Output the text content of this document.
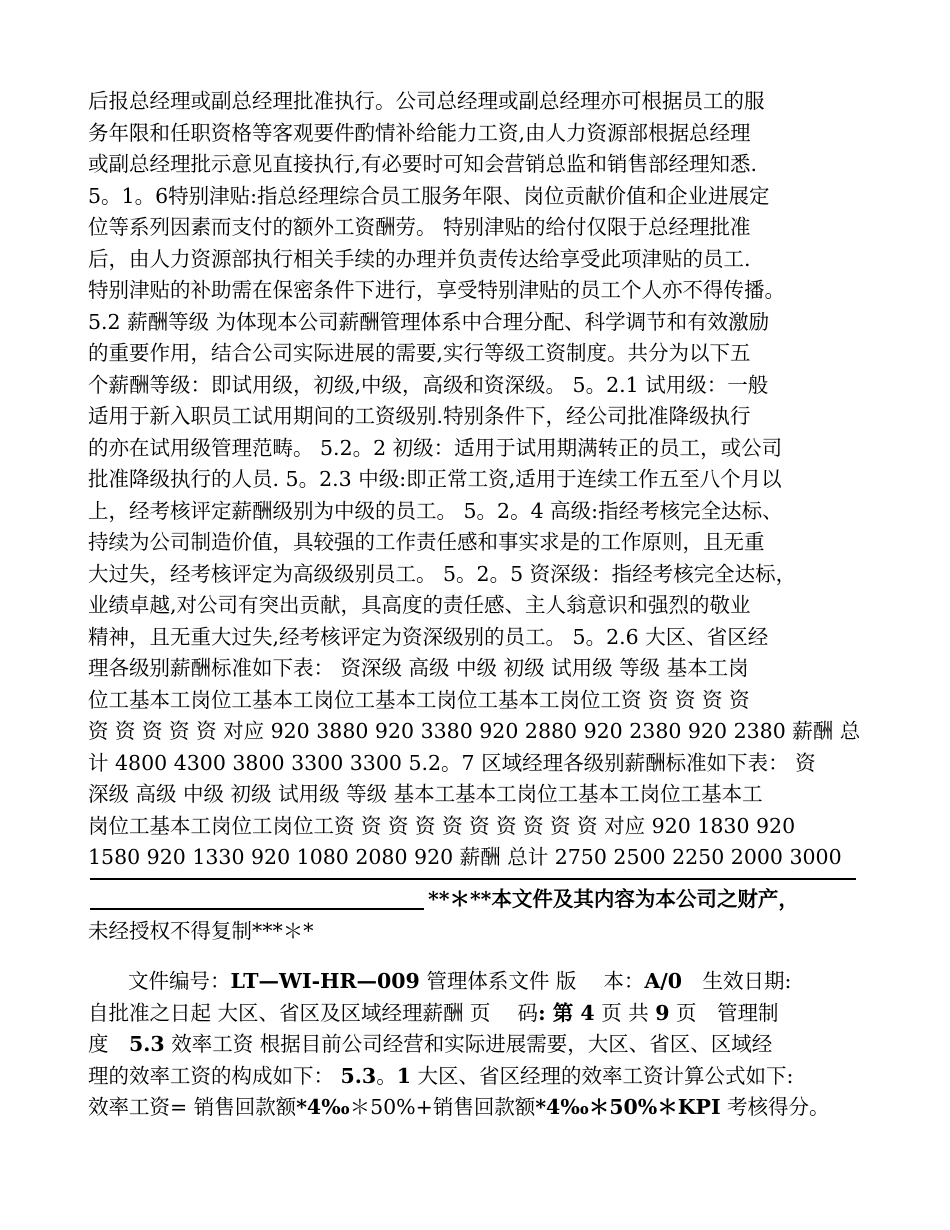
后报总经理或副总经理批准执行。公司总经理或副总经理亦可根据员工的服
务年限和任职资格等客观要件酌情补给能力工资,由人力资源部根据总经理
或副总经理批示意见直接执行,有必要时可知会营销总监和销售部经理知悉.
5。1。6特别津贴:指总经理综合员工服务年限、岗位贡献价值和企业进展定
位等系列因素而支付的额外工资酬劳。 特别津贴的给付仅限于总经理批准
后，由人力资源部执行相关手续的办理并负责传达给享受此项津贴的员工.
特别津贴的补助需在保密条件下进行，享受特别津贴的员工个人亦不得传播。
5.2 薪酬等级 为体现本公司薪酬管理体系中合理分配、科学调节和有效激励
的重要作用，结合公司实际进展的需要,实行等级工资制度。共分为以下五
个薪酬等级：即试用级，初级,中级，高级和资深级。 5。2.1 试用级：一般
适用于新入职员工试用期间的工资级别.特别条件下，经公司批准降级执行
的亦在试用级管理范畴。 5.2。2 初级：适用于试用期满转正的员工，或公司
批准降级执行的人员. 5。2.3 中级:即正常工资,适用于连续工作五至八个月以
上，经考核评定薪酬级别为中级的员工。 5。2。4 高级:指经考核完全达标、
持续为公司制造价值，具较强的工作责任感和事实求是的工作原则，且无重
大过失，经考核评定为高级级别员工。 5。2。5 资深级：指经考核完全达标，
业绩卓越,对公司有突出贡献，具高度的责任感、主人翁意识和强烈的敬业
精神，且无重大过失,经考核评定为资深级别的员工。 5。2.6 大区、省区经
理各级别薪酬标准如下表： 资深级 高级 中级 初级 试用级 等级 基本工岗
位工基本工岗位工基本工岗位工基本工岗位工基本工岗位工资 资 资 资 资
资 资 资 资 资 对应 920 3880 920 3380 920 2880 920 2380 920 2380 薪酬 总
计 4800 4300 3800 3300 3300 5.2。7 区域经理各级别薪酬标准如下表： 资
深级 高级 中级 初级 试用级 等级 基本工基本工岗位工基本工岗位工基本工
岗位工基本工岗位工岗位工资 资 资 资 资 资 资 资 资 资 对应 920 1830 920
1580 920 1330 920 1080 2080 920 薪酬 总计 2750 2500 2250 2000 3000
**＊**本文件及其内容为本公司之财产，
未经授权不得复制***＊*
文件编号：LT—WI-HR—009 管理体系文件 版　 本：A/0　生效日期:
自批准之日起 大区、省区及区域经理薪酬 页　 码: 第 4 页 共 9 页　管理制
度　5.3 效率工资 根据目前公司经营和实际进展需要，大区、省区、区域经
理的效率工资的构成如下： 5.3。1 大区、省区经理的效率工资计算公式如下:
效率工资= 销售回款额*4‰＊50%+销售回款额*4‰＊50%＊KPI 考核得分。
